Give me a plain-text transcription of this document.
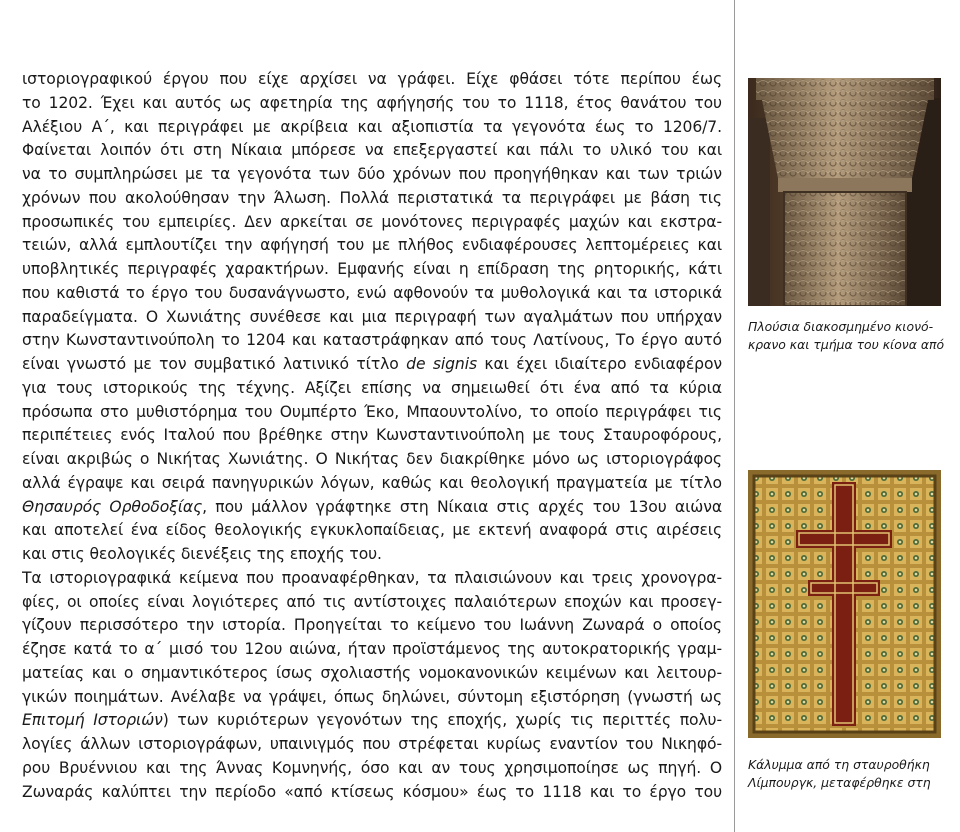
ιστοριογραφικού έργου που είχε αρχίσει να γράφει. Είχε φθάσει τότε περίπου έως
το 1202. Έχει και αυτός ως αφετηρία της αφήγησής του το 1118, έτος θανάτου του
Αλέξιου Α΄, και περιγράφει με ακρίβεια και αξιοπιστία τα γεγονότα έως το 1206/7.
Φαίνεται λοιπόν ότι στη Νίκαια μπόρεσε να επεξεργαστεί και πάλι το υλικό του και
να το συμπληρώσει με τα γεγονότα των δύο χρόνων που προηγήθηκαν και των τριών
χρόνων που ακολούθησαν την Άλωση. Πολλά περιστατικά τα περιγράφει με βάση τις
προσωπικές του εμπειρίες. Δεν αρκείται σε μονότονες περιγραφές μαχών και εκστρα-
τειών, αλλά εμπλουτίζει την αφήγησή του με πλήθος ενδιαφέρουσες λεπτομέρειες και
υποβλητικές περιγραφές χαρακτήρων. Εμφανής είναι η επίδραση της ρητορικής, κάτι
που καθιστά το έργο του δυσανάγνωστο, ενώ αφθονούν τα μυθολογικά και τα ιστορικά
παραδείγματα. Ο Χωνιάτης συνέθεσε και μια περιγραφή των αγαλμάτων που υπήρχαν
στην Κωνσταντινούπολη το 1204 και καταστράφηκαν από τους Λατίνους, Το έργο αυτό
είναι γνωστό με τον συμβατικό λατινικό τίτλο de signis και έχει ιδιαίτερο ενδιαφέρον
για τους ιστορικούς της τέχνης. Αξίζει επίσης να σημειωθεί ότι ένα από τα κύρια
πρόσωπα στο μυθιστόρημα του Ουμπέρτο Έκο, Μπαουντολίνο, το οποίο περιγράφει τις
περιπέτειες ενός Ιταλού που βρέθηκε στην Κωνσταντινούπολη με τους Σταυροφόρους,
είναι ακριβώς ο Νικήτας Χωνιάτης. Ο Νικήτας δεν διακρίθηκε μόνο ως ιστοριογράφος
αλλά έγραψε και σειρά πανηγυρικών λόγων, καθώς και θεολογική πραγματεία με τίτλο
Θησαυρός Ορθοδοξίας, που μάλλον γράφτηκε στη Νίκαια στις αρχές του 13ου αιώνα
και αποτελεί ένα είδος θεολογικής εγκυκλοπαίδειας, με εκτενή αναφορά στις αιρέσεις
και στις θεολογικές διενέξεις της εποχής του.
Τα ιστοριογραφικά κείμενα που προαναφέρθηκαν, τα πλαισιώνουν και τρεις χρονογρα-
φίες, οι οποίες είναι λογιότερες από τις αντίστοιχες παλαιότερων εποχών και προσεγ-
γίζουν περισσότερο την ιστορία. Προηγείται το κείμενο του Ιωάννη Ζωναρά ο οποίος
έζησε κατά το α΄ μισό του 12ου αιώνα, ήταν προϊστάμενος της αυτοκρατορικής γραμ-
ματείας και ο σημαντικότερος ίσως σχολιαστής νομοκανονικών κειμένων και λειτουρ-
γικών ποιημάτων. Ανέλαβε να γράψει, όπως δηλώνει, σύντομη εξιστόρηση (γνωστή ως
Επιτομή Ιστοριών) των κυριότερων γεγονότων της εποχής, χωρίς τις περιττές πολυ-
λογίες άλλων ιστοριογράφων, υπαινιγμός που στρέφεται κυρίως εναντίον του Νικηφό-
ρου Βρυέννιου και της Άννας Κομνηνής, όσο και αν τους χρησιμοποίησε ως πηγή. Ο
Ζωναράς καλύπτει την περίοδο «από κτίσεως κόσμου» έως το 1118 και το έργο του
Πλούσια διακοσμημένο κιονό-
κρανο και τμήμα του κίονα από
Κάλυμμα από τη σταυροθήκη
Λίμπουργκ, μεταφέρθηκε στη
